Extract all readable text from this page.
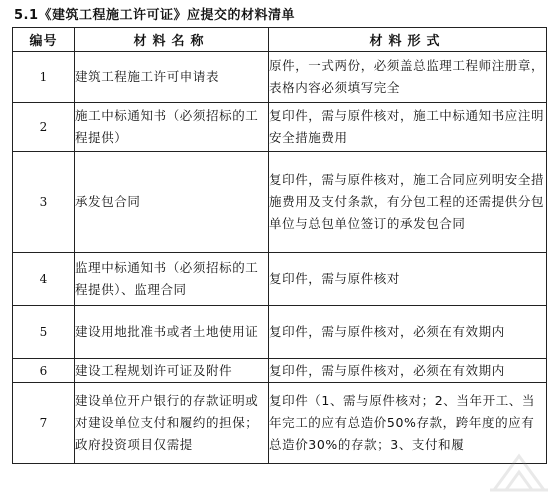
5.1《建筑工程施工许可证》应提交的材料清单
编号	材料名称	材料形式
1	建筑工程施工许可申请表	原件，一式两份，必须盖总监理工程师注册章，表格内容必须填写完全
2	施工中标通知书（必须招标的工程提供）	复印件，需与原件核对，施工中标通知书应注明安全措施费用
3	承发包合同	复印件，需与原件核对，施工合同应列明安全措施费用及支付条款，有分包工程的还需提供分包单位与总包单位签订的承发包合同
4	监理中标通知书（必须招标的工程提供）、监理合同	复印件，需与原件核对
5	建设用地批准书或者土地使用证	复印件，需与原件核对，必须在有效期内
6	建设工程规划许可证及附件	复印件，需与原件核对，必须在有效期内
7	建设单位开户银行的存款证明或对建设单位支付和履约的担保；政府投资项目仅需提	复印件（1、需与原件核对；2、当年开工、当年完工的应有总造价50%存款，跨年度的应有总造价30%的存款；3、支付和履
